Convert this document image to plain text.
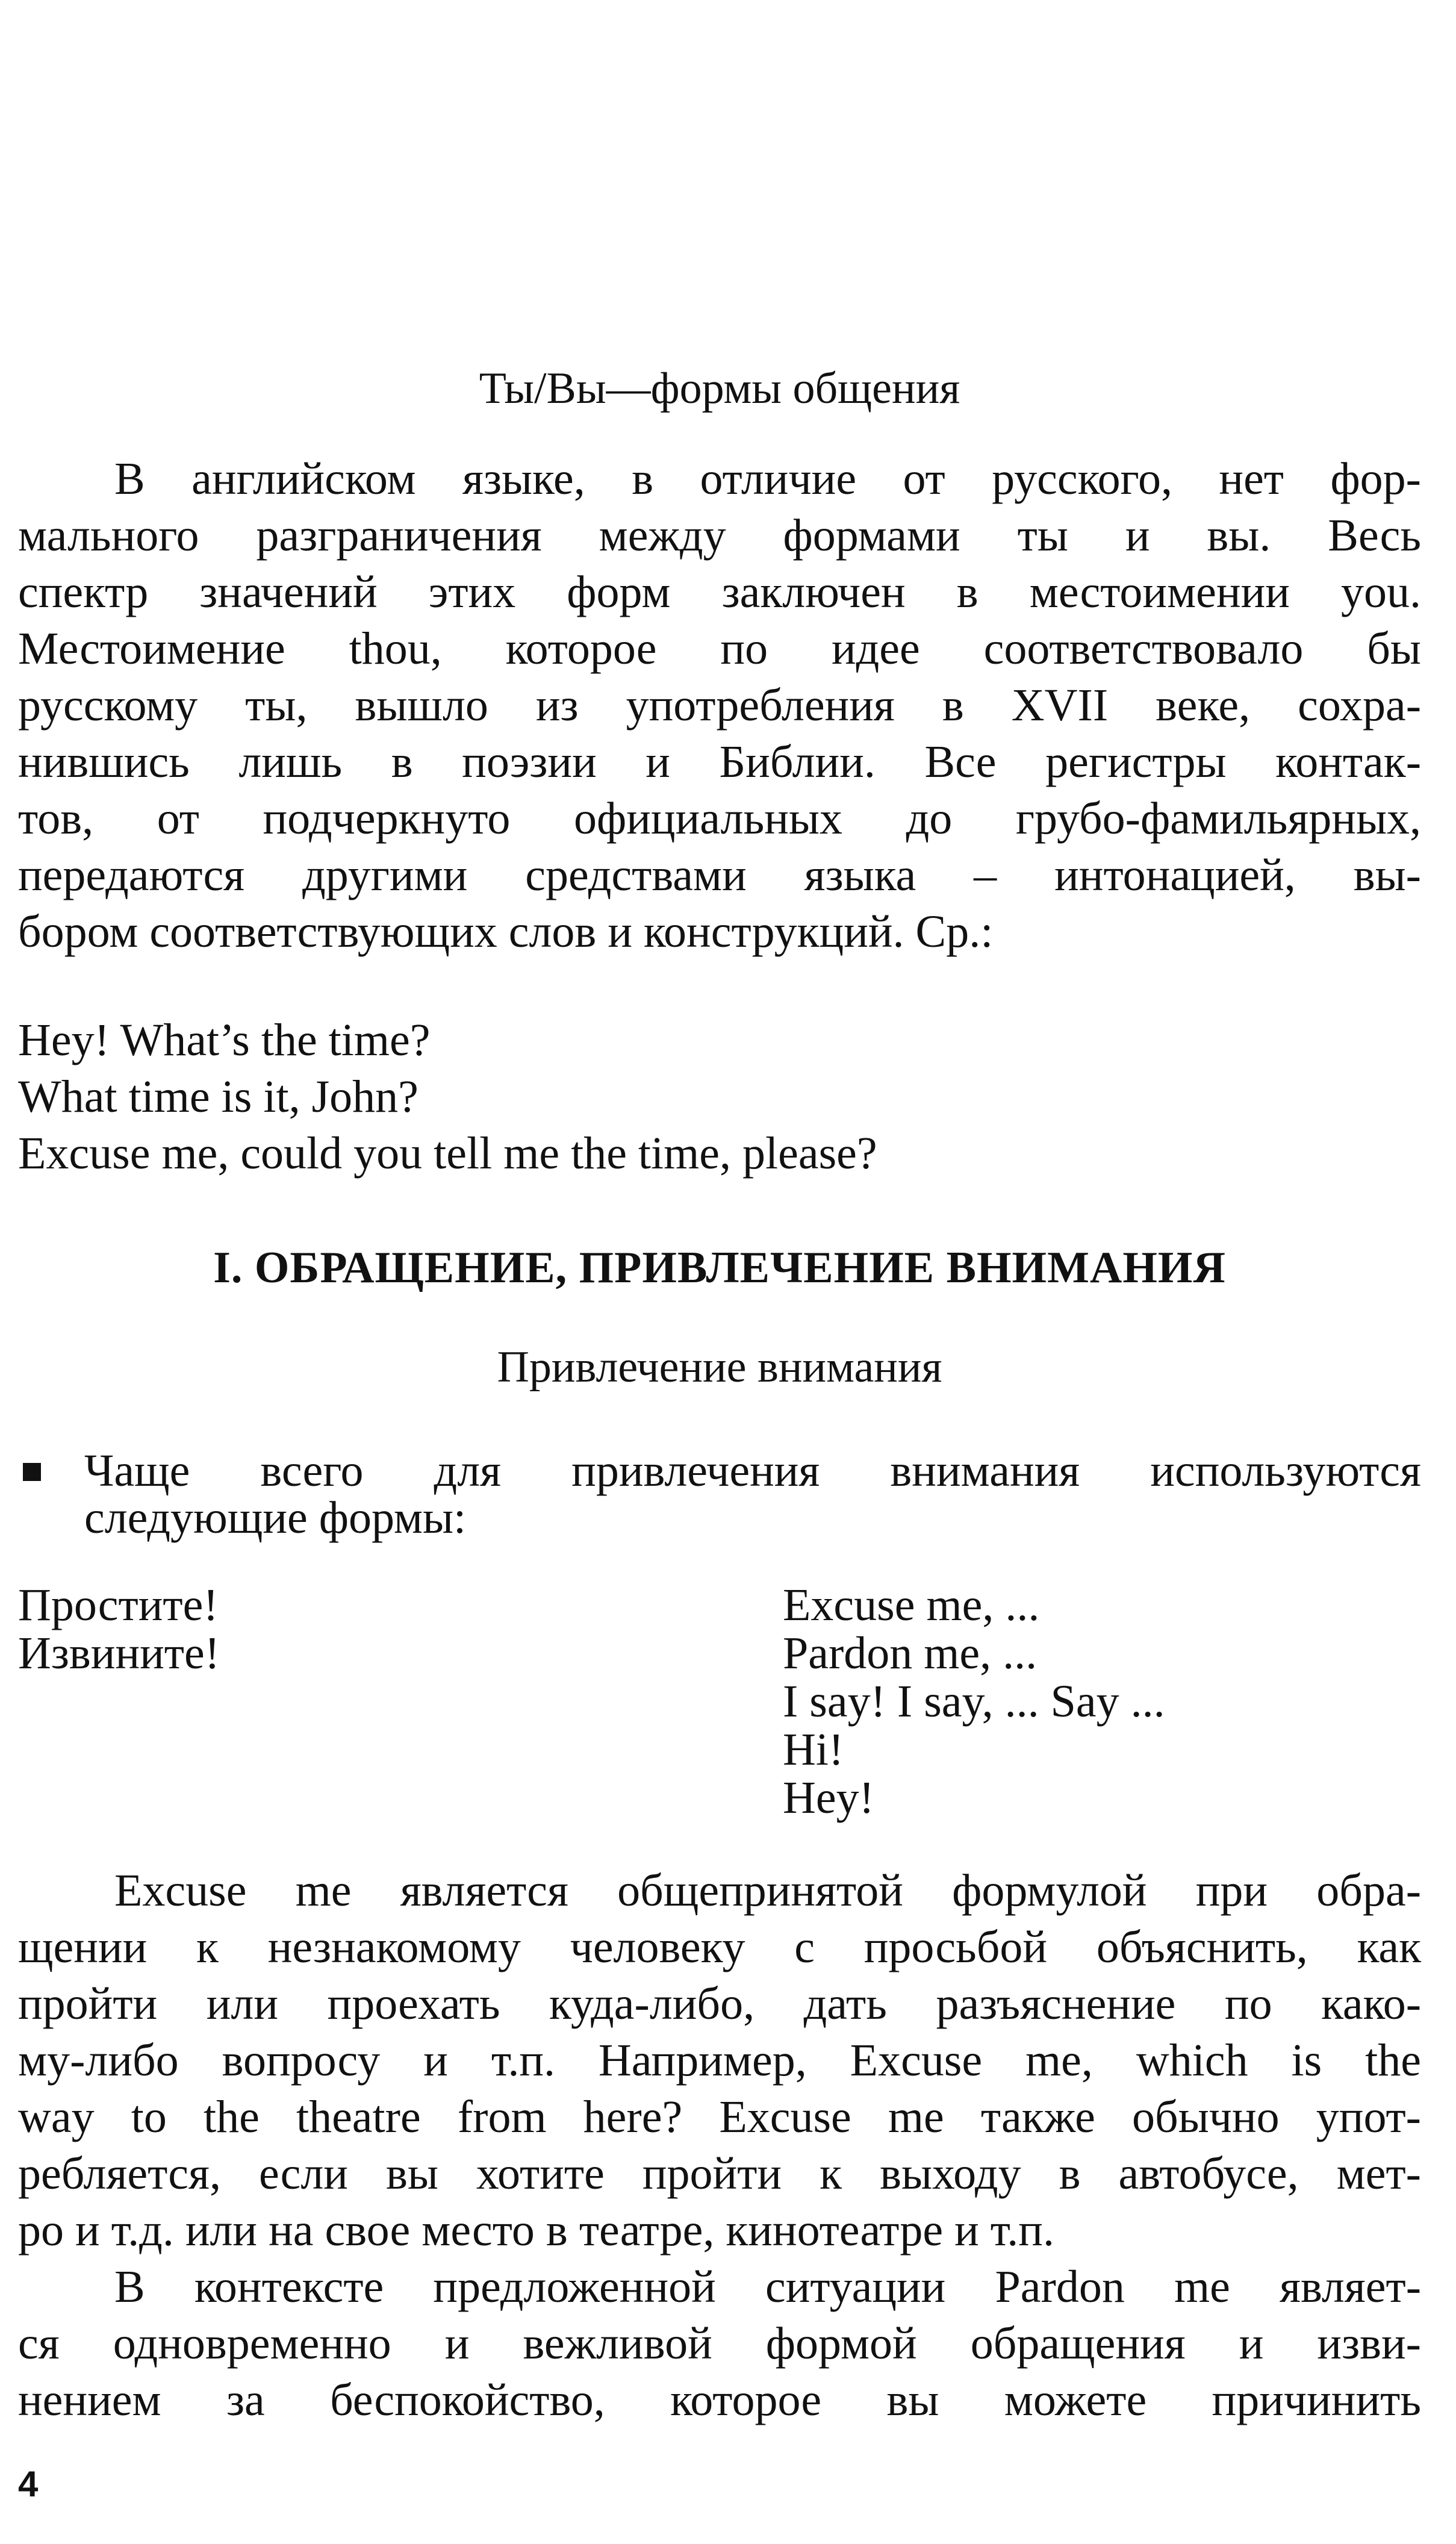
Ты/Вы—формы общения
В английском языке, в отличие от русского, нет фор-
мального разграничения между формами ты и вы. Весь
спектр значений этих форм заключен в местоимении you.
Местоимение thou, которое по идее соответствовало бы
русскому ты, вышло из употребления в XVII веке, сохра-
нившись лишь в поэзии и Библии. Все регистры контак-
тов, от подчеркнуто официальных до грубо-фамильярных,
передаются другими средствами языка – интонацией, вы-
бором соответствующих слов и конструкций. Ср.:
Hey! What’s the time?
What time is it, John?
Excuse me, could you tell me the time, please?
I. ОБРАЩЕНИЕ, ПРИВЛЕЧЕНИЕ ВНИМАНИЯ
Привлечение внимания
Чаще всего для привлечения внимания используются
следующие формы:
Простите!
Извините!
Excuse me, ...
Pardon me, ...
I say! I say, ... Say ...
Hi!
Hey!
Excuse me является общепринятой формулой при обра-
щении к незнакомому человеку с просьбой объяснить, как
пройти или проехать куда-либо, дать разъяснение по како-
му-либо вопросу и т.п. Например, Excuse me, which is the
way to the theatre from here? Excuse me также обычно упот-
ребляется, если вы хотите пройти к выходу в автобусе, мет-
ро и т.д. или на свое место в театре, кинотеатре и т.п.
В контексте предложенной ситуации Pardon me являет-
ся одновременно и вежливой формой обращения и изви-
нением за беспокойство, которое вы можете причинить
4
